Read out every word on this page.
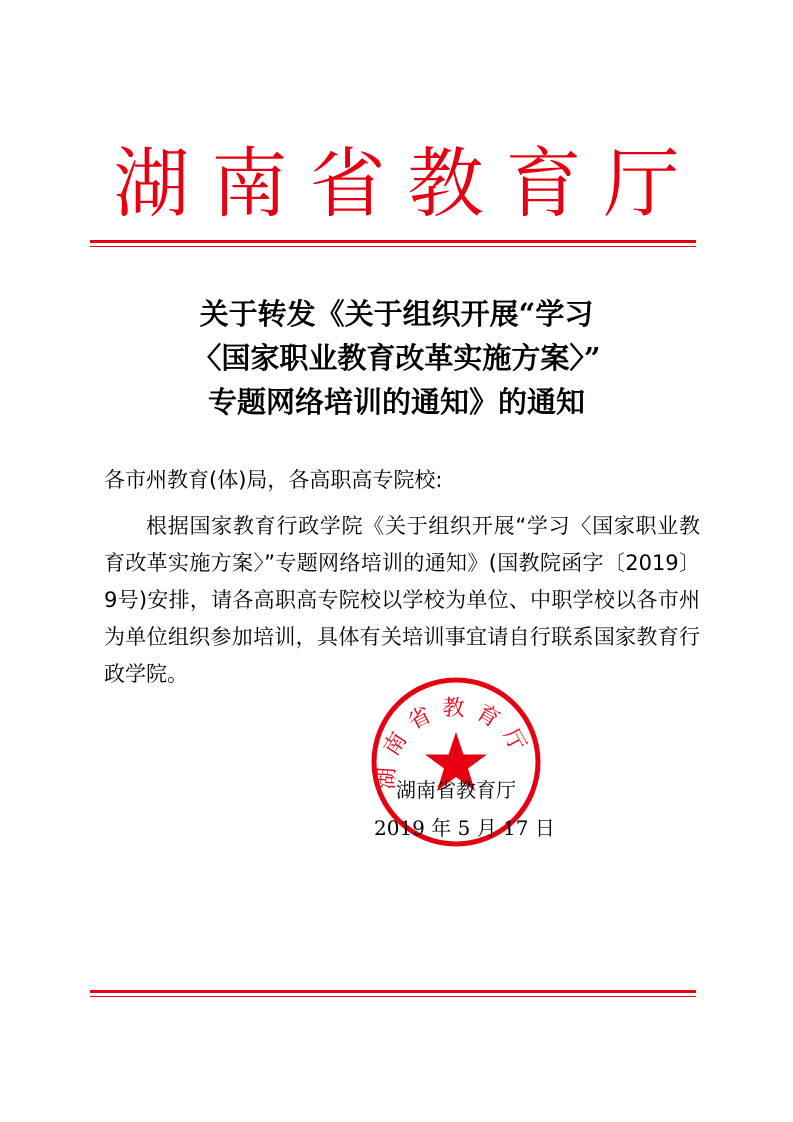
湖南省教育厅
关于转发《关于组织开展“学习
〈国家职业教育改革实施方案〉”
专题网络培训的通知》的通知
各市州教育(体)局，各高职高专院校:
根据国家教育行政学院《关于组织开展“学习〈国家职业教育改革实施方案〉”专题网络培训的通知》(国教院函字〔2019〕9号)安排，请各高职高专院校以学校为单位、中职学校以各市州为单位组织参加培训，具体有关培训事宜请自行联系国家教育行政学院。
湖南省教育厅
湖南省教育厅
2019 年 5 月 17 日
